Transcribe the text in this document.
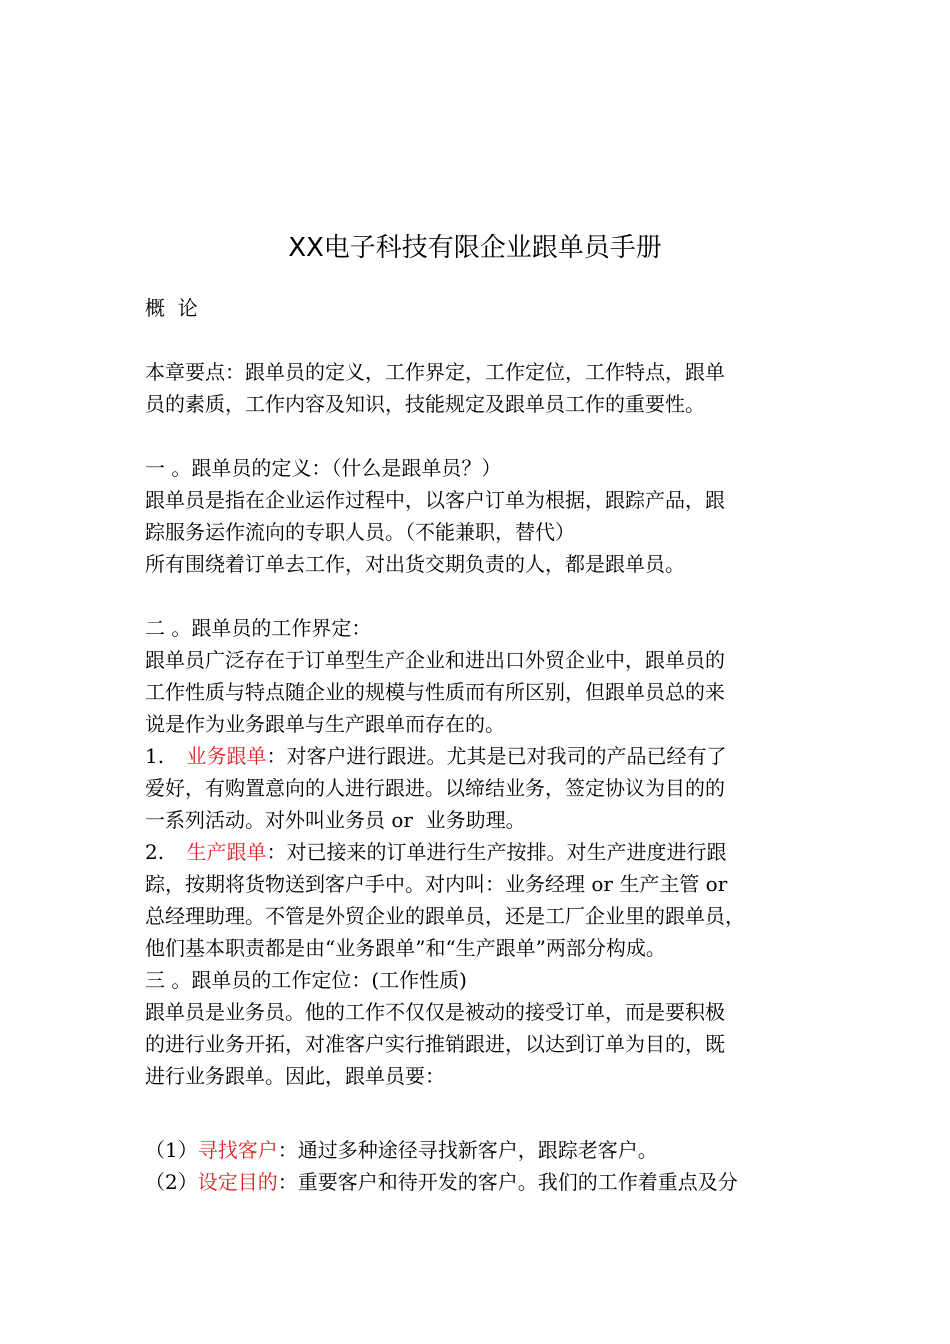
XX电子科技有限企业跟单员手册
概  论
本章要点：跟单员的定义，工作界定，工作定位，工作特点，跟单
员的素质，工作内容及知识，技能规定及跟单员工作的重要性。
一 。跟单员的定义：（什么是跟单员？）
跟单员是指在企业运作过程中，以客户订单为根据，跟踪产品，跟
踪服务运作流向的专职人员。（不能兼职，替代）
所有围绕着订单去工作，对出货交期负责的人，都是跟单员。
二 。跟单员的工作界定：
跟单员广泛存在于订单型生产企业和进出口外贸企业中，跟单员的
工作性质与特点随企业的规模与性质而有所区别，但跟单员总的来
说是作为业务跟单与生产跟单而存在的。
1. 业务跟单：对客户进行跟进。尤其是已对我司的产品已经有了
爱好，有购置意向的人进行跟进。以缔结业务，签定协议为目的的
一系列活动。对外叫业务员 or  业务助理。
2. 生产跟单：对已接来的订单进行生产按排。对生产进度进行跟
踪，按期将货物送到客户手中。对内叫：业务经理 or 生产主管 or
总经理助理。不管是外贸企业的跟单员，还是工厂企业里的跟单员，
他们基本职责都是由“业务跟单”和“生产跟单”两部分构成。
三 。跟单员的工作定位：(工作性质)
跟单员是业务员。他的工作不仅仅是被动的接受订单，而是要积极
的进行业务开拓，对准客户实行推销跟进，以达到订单为目的，既
进行业务跟单。因此，跟单员要：
（1）寻找客户：通过多种途径寻找新客户，跟踪老客户。
（2）设定目的：重要客户和待开发的客户。我们的工作着重点及分
